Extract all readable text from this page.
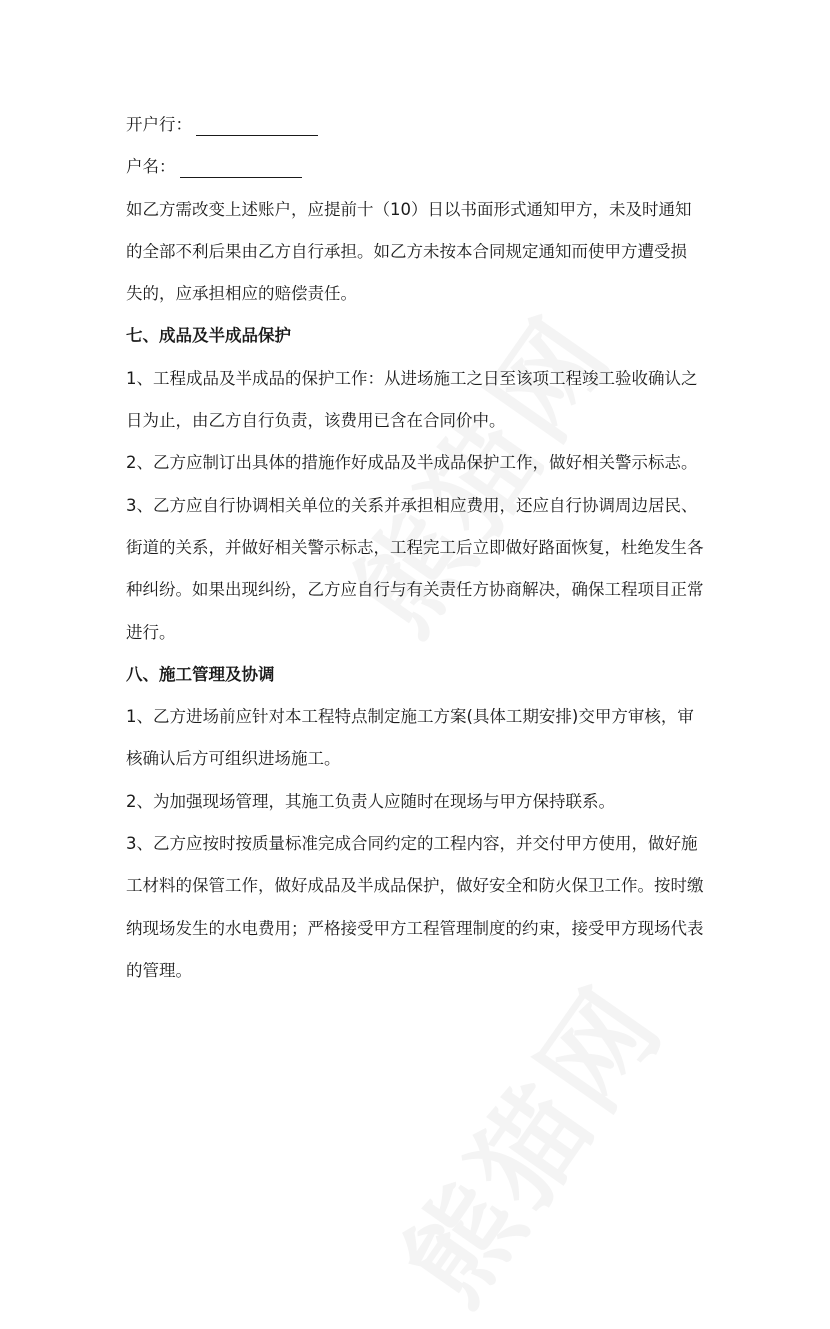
开户行：
户名：
如乙方需改变上述账户，应提前十（10）日以书面形式通知甲方，未及时通知
的全部不利后果由乙方自行承担。如乙方未按本合同规定通知而使甲方遭受损
失的，应承担相应的赔偿责任。
七、成品及半成品保护
1、工程成品及半成品的保护工作：从进场施工之日至该项工程竣工验收确认之
日为止，由乙方自行负责，该费用已含在合同价中。
2、乙方应制订出具体的措施作好成品及半成品保护工作，做好相关警示标志。
3、乙方应自行协调相关单位的关系并承担相应费用，还应自行协调周边居民、
街道的关系，并做好相关警示标志，工程完工后立即做好路面恢复，杜绝发生各
种纠纷。如果出现纠纷，乙方应自行与有关责任方协商解决，确保工程项目正常
进行。
八、施工管理及协调
1、乙方进场前应针对本工程特点制定施工方案(具体工期安排)交甲方审核，审
核确认后方可组织进场施工。
2、为加强现场管理，其施工负责人应随时在现场与甲方保持联系。
3、乙方应按时按质量标准完成合同约定的工程内容，并交付甲方使用，做好施
工材料的保管工作，做好成品及半成品保护，做好安全和防火保卫工作。按时缴
纳现场发生的水电费用；严格接受甲方工程管理制度的约束，接受甲方现场代表
的管理。
